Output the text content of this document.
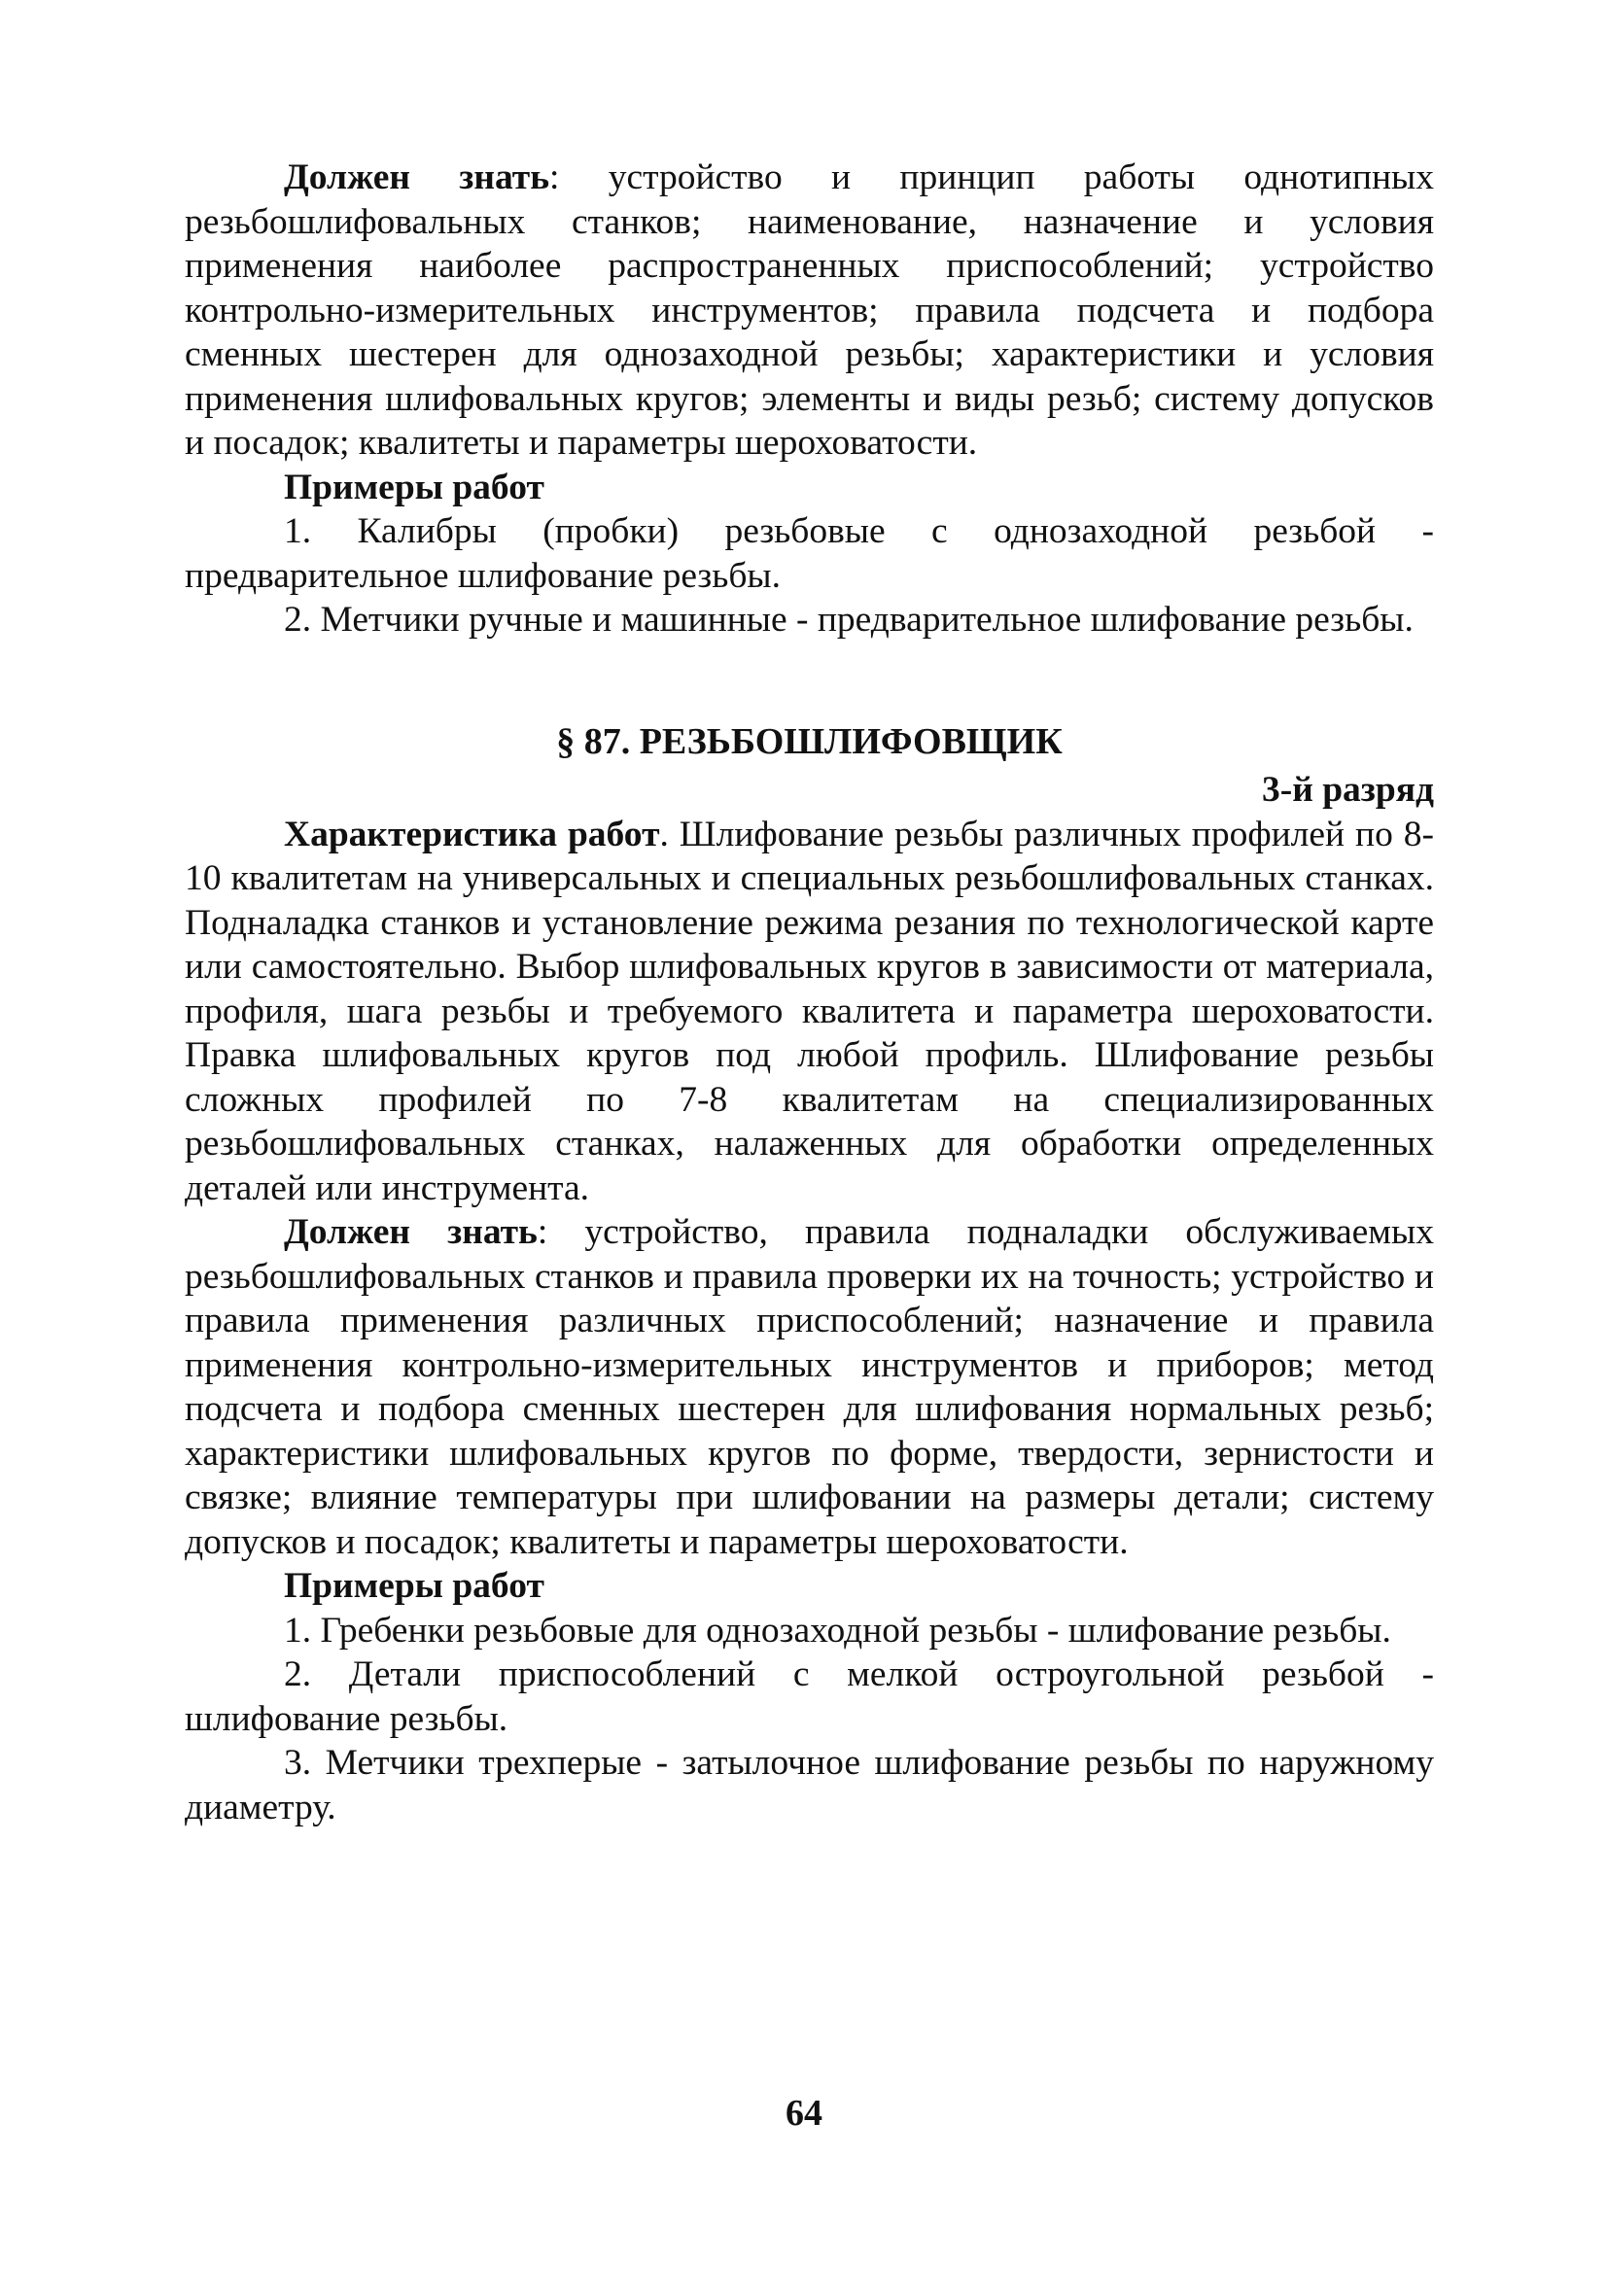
Должен знать: устройство и принцип работы однотипных резьбошлифовальных станков; наименование, назначение и условия применения наиболее распространенных приспособлений; устройство контрольно-измерительных инструментов; правила подсчета и подбора сменных шестерен для однозаходной резьбы; характеристики и условия применения шлифовальных кругов; элементы и виды резьб; систему допусков и посадок; квалитеты и параметры шероховатости.

Примеры работ

1. Калибры (пробки) резьбовые с однозаходной резьбой - предварительное шлифование резьбы.

2. Метчики ручные и машинные - предварительное шлифование резьбы.

§ 87. РЕЗЬБОШЛИФОВЩИК
3-й разряд

Характеристика работ. Шлифование резьбы различных профилей по 8-10 квалитетам на универсальных и специальных резьбошлифовальных станках. Подналадка станков и установление режима резания по технологической карте или самостоятельно. Выбор шлифовальных кругов в зависимости от материала, профиля, шага резьбы и требуемого квалитета и параметра шероховатости. Правка шлифовальных кругов под любой профиль. Шлифование резьбы сложных профилей по 7-8 квалитетам на специализированных резьбошлифовальных станках, налаженных для обработки определенных деталей или инструмента.

Должен знать: устройство, правила подналадки обслуживаемых резьбошлифовальных станков и правила проверки их на точность; устройство и правила применения различных приспособлений; назначение и правила применения контрольно-измерительных инструментов и приборов; метод подсчета и подбора сменных шестерен для шлифования нормальных резьб; характеристики шлифовальных кругов по форме, твердости, зернистости и связке; влияние температуры при шлифовании на размеры детали; систему допусков и посадок; квалитеты и параметры шероховатости.

Примеры работ

1. Гребенки резьбовые для однозаходной резьбы - шлифование резьбы.

2. Детали приспособлений с мелкой остроугольной резьбой - шлифование резьбы.

3. Метчики трехперые - затылочное шлифование резьбы по наружному диаметру.

64
